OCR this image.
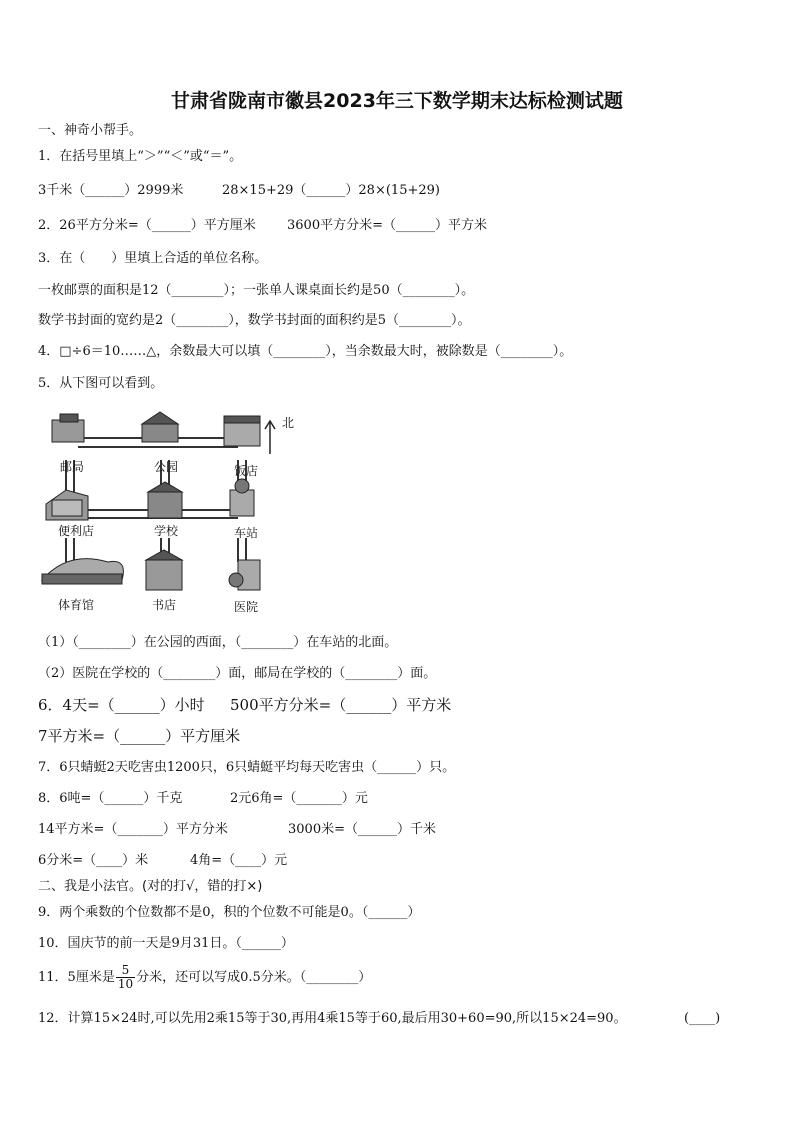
甘肃省陇南市徽县2023年三下数学期末达标检测试题
一、神奇小帮手。
1．在括号里填上“＞”“＜”或“＝”。
3千米（______）2999米	28×15+29（______）28×(15+29)
2．26平方分米=（______）平方厘米 3600平方分米=（______）平方米
3．在（　　）里填上合适的单位名称。
一枚邮票的面积是12（________）；一张单人课桌面长约是50（________）。
数学书封面的宽约是2（________），数学书封面的面积约是5（________）。
4．□÷6＝10……△，余数最大可以填（________），当余数最大时，被除数是（________）。
5．从下图可以看到。
北
邮局	公园	饭店
便利店	学校	车站
体育馆	书店	医院
（1）（________）在公园的西面，（________）在车站的北面。
（2）医院在学校的（________）面，邮局在学校的（________）面。
6．4天=（______）小时 500平方分米=（______）平方米
7平方米=（______）平方厘米
7．6只蜻蜓2天吃害虫1200只，6只蜻蜓平均每天吃害虫（______）只。
8．6吨=（______）千克	2元6角=（_______）元
14平方米=（_______）平方分米	3000米=（______）千米
6分米=（____）米	4角=（____）元
二、我是小法官。(对的打√，错的打×)
9．两个乘数的个位数都不是0，积的个位数不可能是0。（______）
10．国庆节的前一天是9月31日。（______）
11．5厘米是 $\frac{5}{10}$ 分米，还可以写成0.5分米。（________）
12．计算15×24时,可以先用2乘15等于30,再用4乘15等于60,最后用30+60=90,所以15×24=90。	(____)
